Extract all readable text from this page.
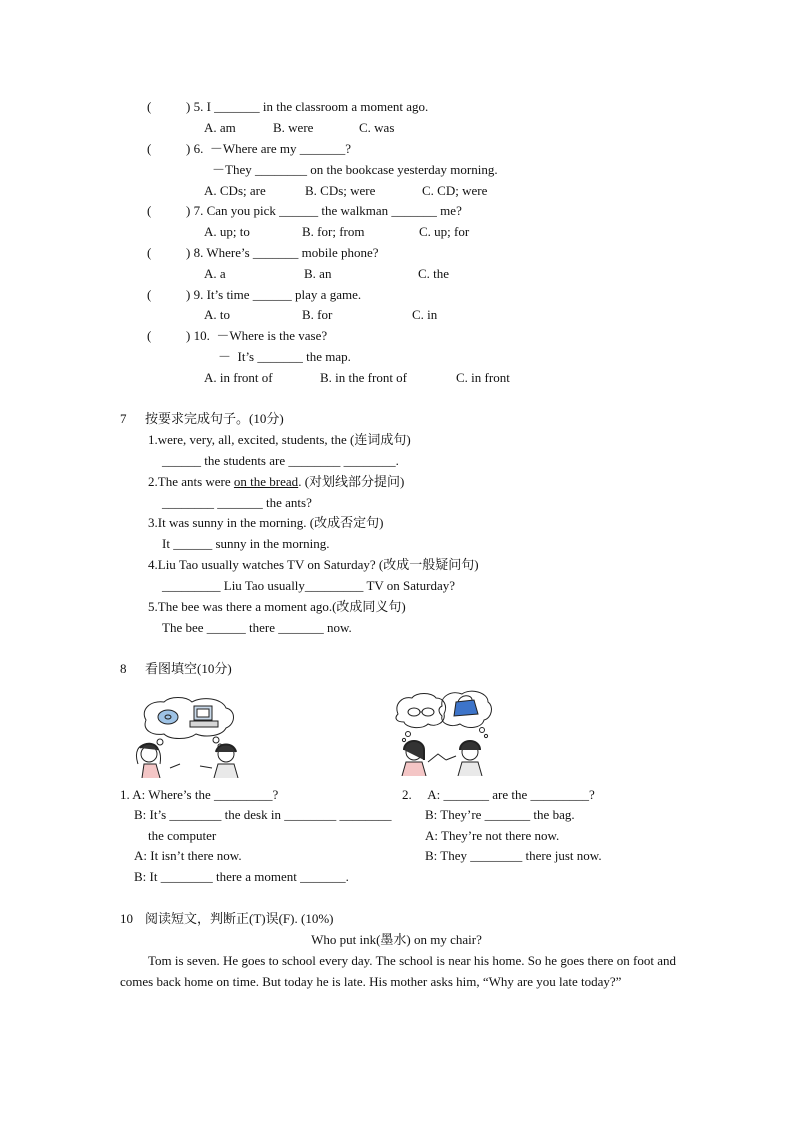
(	) 5. I _______ in the classroom a moment ago.
A. am	B. were	C. was
(	) 6.  －Where are my _______?
－They ________ on the bookcase yesterday morning.
A. CDs; are	B. CDs; were	C. CD; were
(	) 7. Can you pick ______ the walkman _______ me?
A. up; to	B. for; from	C. up; for
(	) 8. Where’s _______ mobile phone?
A. a	B. an	C. the
(	) 9. It’s time ______ play a game.
A. to	B. for	C. in
(	) 10.  －Where is the vase?
－  It’s _______ the map.
A. in front of	B. in the front of	C. in front
7 按要求完成句子。(10分)
1.were, very, all, excited, students, the (连词成句)
______ the students are ________ ________.
2.The ants were on the bread. (对划线部分提问)
________ _______ the ants?
3.It was sunny in the morning. (改成否定句)
It ______ sunny in the morning.
4.Liu Tao usually watches TV on Saturday? (改成一般疑问句)
_________ Liu Tao usually_________ TV on Saturday?
5.The bee was there a moment ago.(改成同义句)
The bee ______ there _______ now.
8 看图填空(10分)
1. A: Where’s the _________?
B: It’s ________ the desk in ________ ________
the computer
A: It isn’t there now.
B: It ________ there a moment _______.
2.     A: _______ are the _________?
B: They’re _______ the bag.
A: They’re not there now.
B: They ________ there just now.
10 阅读短文，判断正(T)误(F). (10%)
Who put ink(墨水) on my chair?
Tom is seven. He goes to school every day. The school is near his home. So he goes there on foot and comes back home on time. But today he is late. His mother asks him, “Why are you late today?”
